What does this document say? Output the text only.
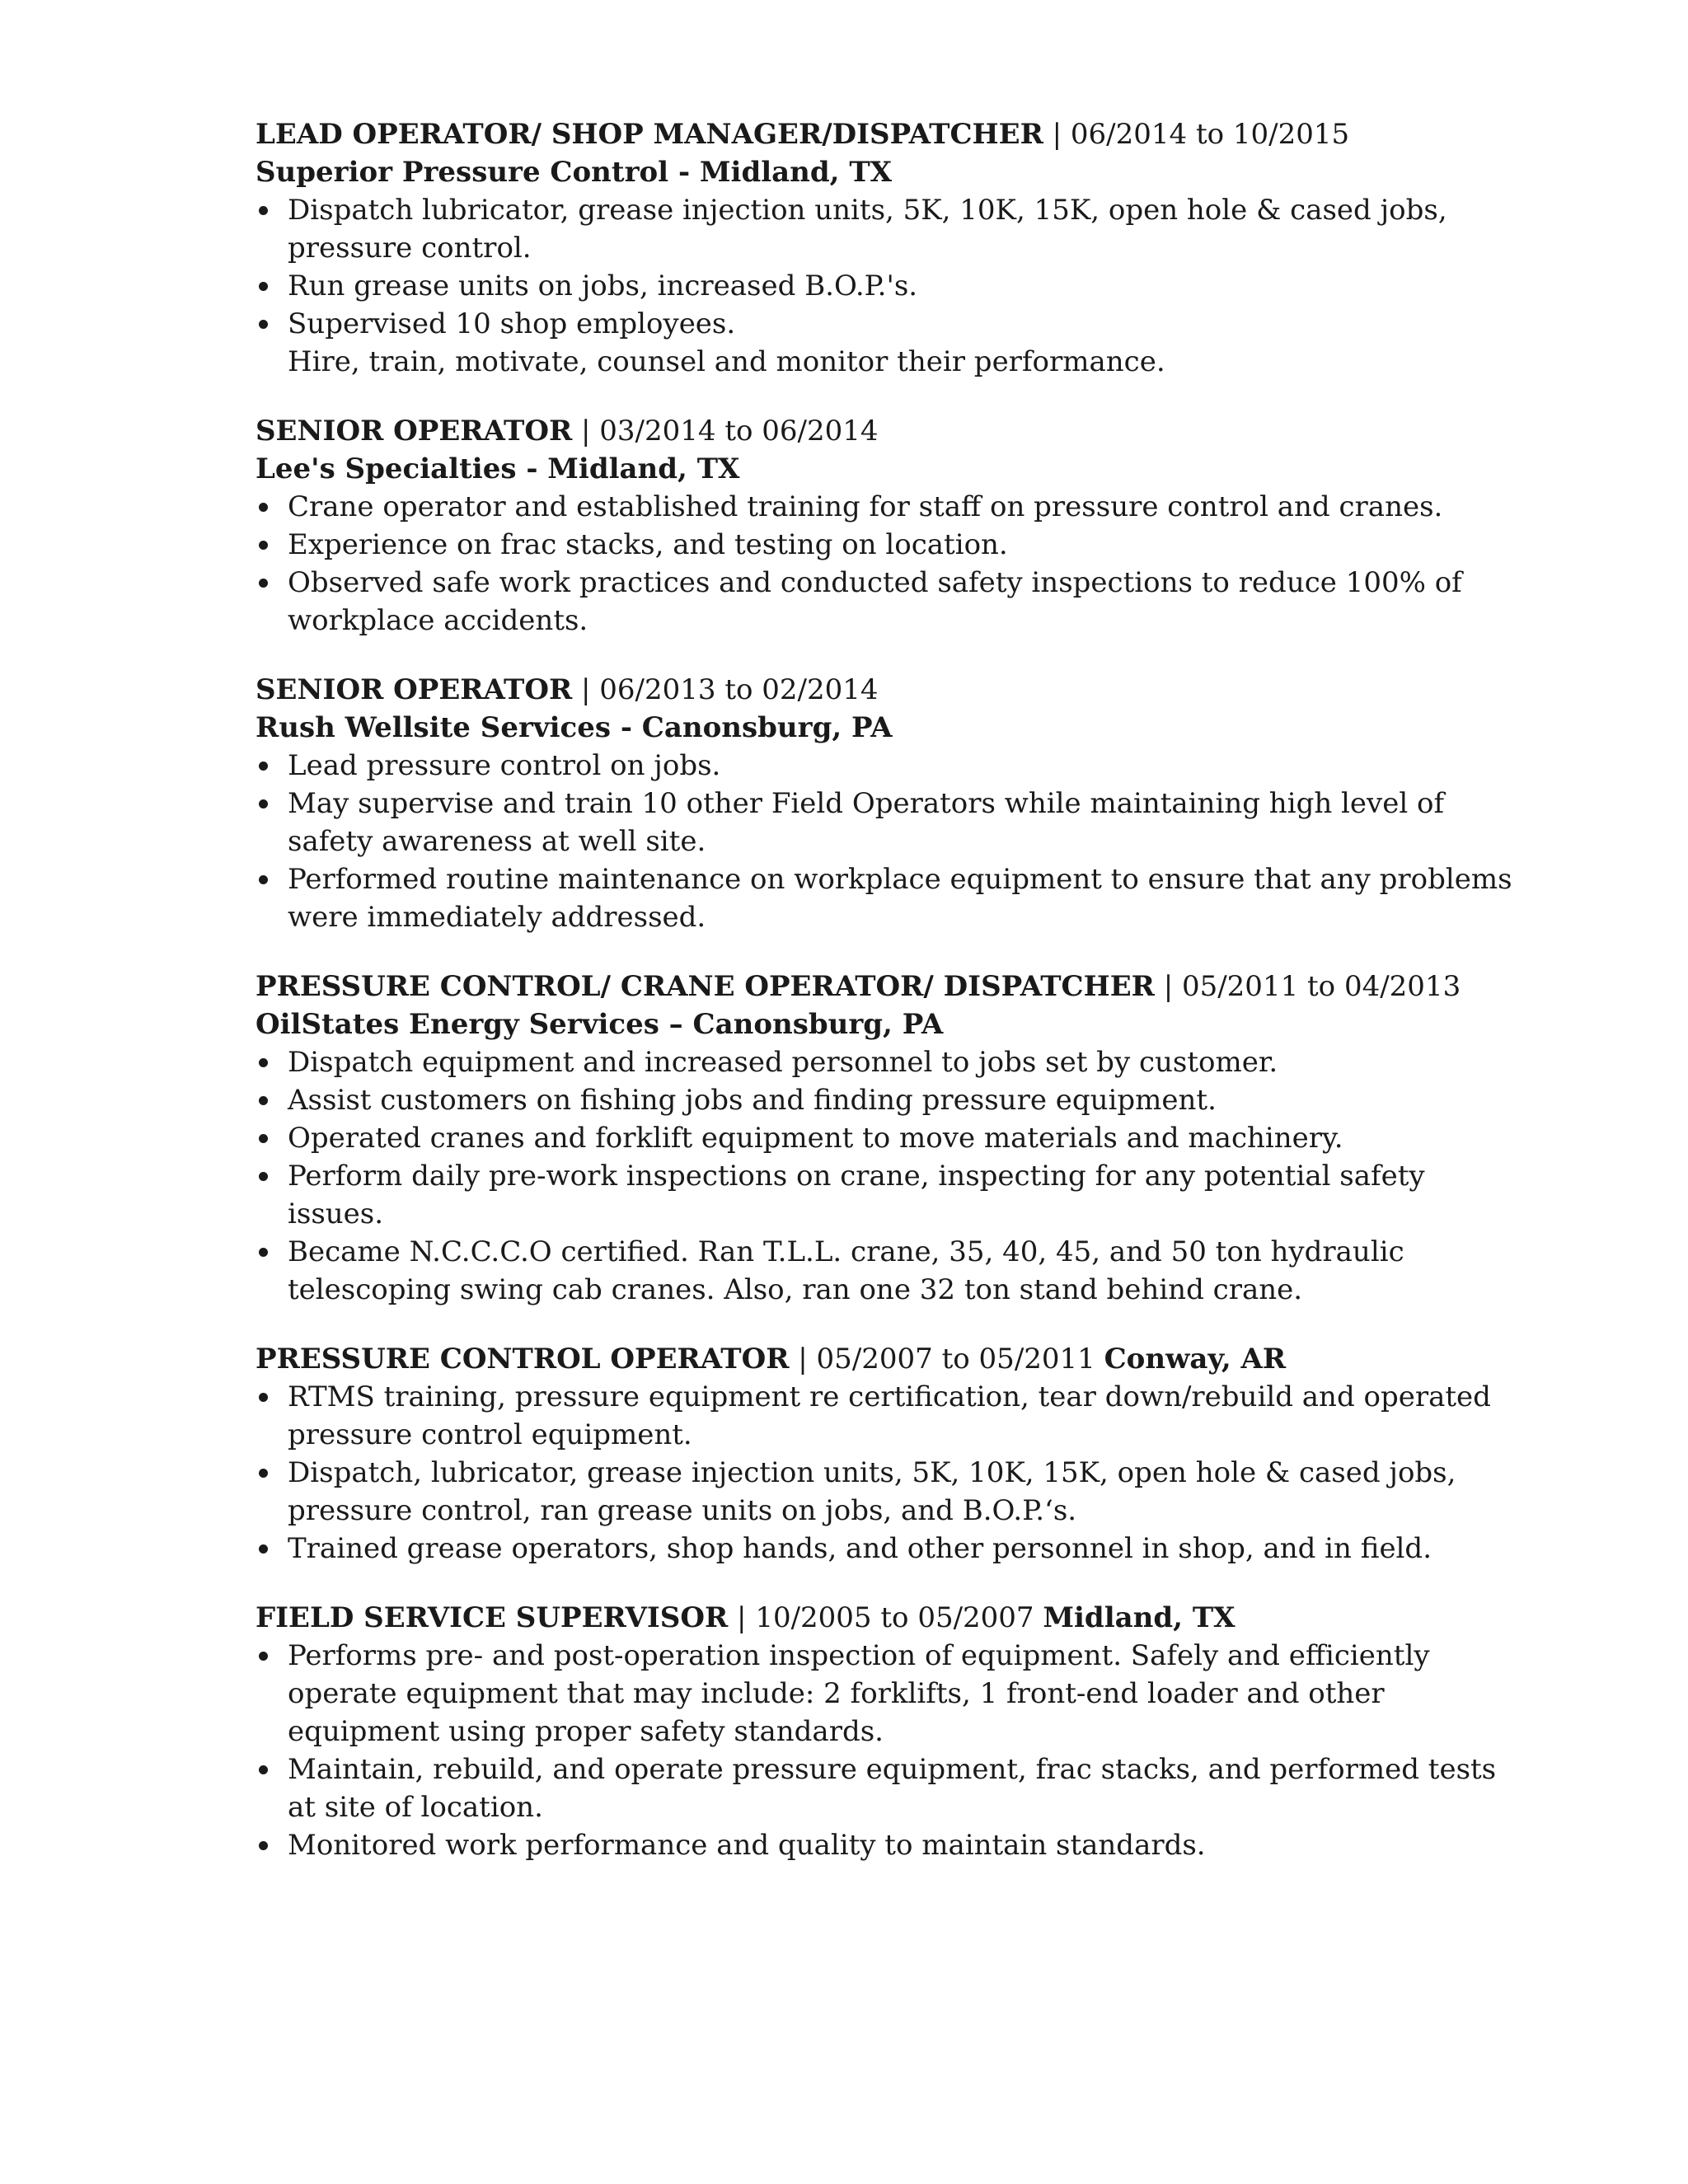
LEAD OPERATOR/ SHOP MANAGER/DISPATCHER | 06/2014 to 10/2015
Superior Pressure Control - Midland, TX
Dispatch lubricator, grease injection units, 5K, 10K, 15K, open hole & cased jobs, pressure control.
Run grease units on jobs, increased B.O.P.'s.
Supervised 10 shop employees.
Hire, train, motivate, counsel and monitor their performance.
SENIOR OPERATOR | 03/2014 to 06/2014
Lee's Specialties - Midland, TX
Crane operator and established training for staff on pressure control and cranes.
Experience on frac stacks, and testing on location.
Observed safe work practices and conducted safety inspections to reduce 100% of workplace accidents.
SENIOR OPERATOR | 06/2013 to 02/2014
Rush Wellsite Services - Canonsburg, PA
Lead pressure control on jobs.
May supervise and train 10 other Field Operators while maintaining high level of safety awareness at well site.
Performed routine maintenance on workplace equipment to ensure that any problems were immediately addressed.
PRESSURE CONTROL/ CRANE OPERATOR/ DISPATCHER | 05/2011 to 04/2013
OilStates Energy Services – Canonsburg, PA
Dispatch equipment and increased personnel to jobs set by customer.
Assist customers on fishing jobs and finding pressure equipment.
Operated cranes and forklift equipment to move materials and machinery.
Perform daily pre-work inspections on crane, inspecting for any potential safety issues.
Became N.C.C.C.O certified. Ran T.L.L. crane, 35, 40, 45, and 50 ton hydraulic telescoping swing cab cranes. Also, ran one 32 ton stand behind crane.
PRESSURE CONTROL OPERATOR | 05/2007 to 05/2011 Conway, AR
RTMS training, pressure equipment re certification, tear down/rebuild and operated pressure control equipment.
Dispatch, lubricator, grease injection units, 5K, 10K, 15K, open hole & cased jobs, pressure control, ran grease units on jobs, and B.O.P.‘s.
Trained grease operators, shop hands, and other personnel in shop, and in field.
FIELD SERVICE SUPERVISOR | 10/2005 to 05/2007 Midland, TX
Performs pre- and post-operation inspection of equipment. Safely and efficiently operate equipment that may include: 2 forklifts, 1 front-end loader and other equipment using proper safety standards.
Maintain, rebuild, and operate pressure equipment, frac stacks, and performed tests at site of location.
Monitored work performance and quality to maintain standards.
